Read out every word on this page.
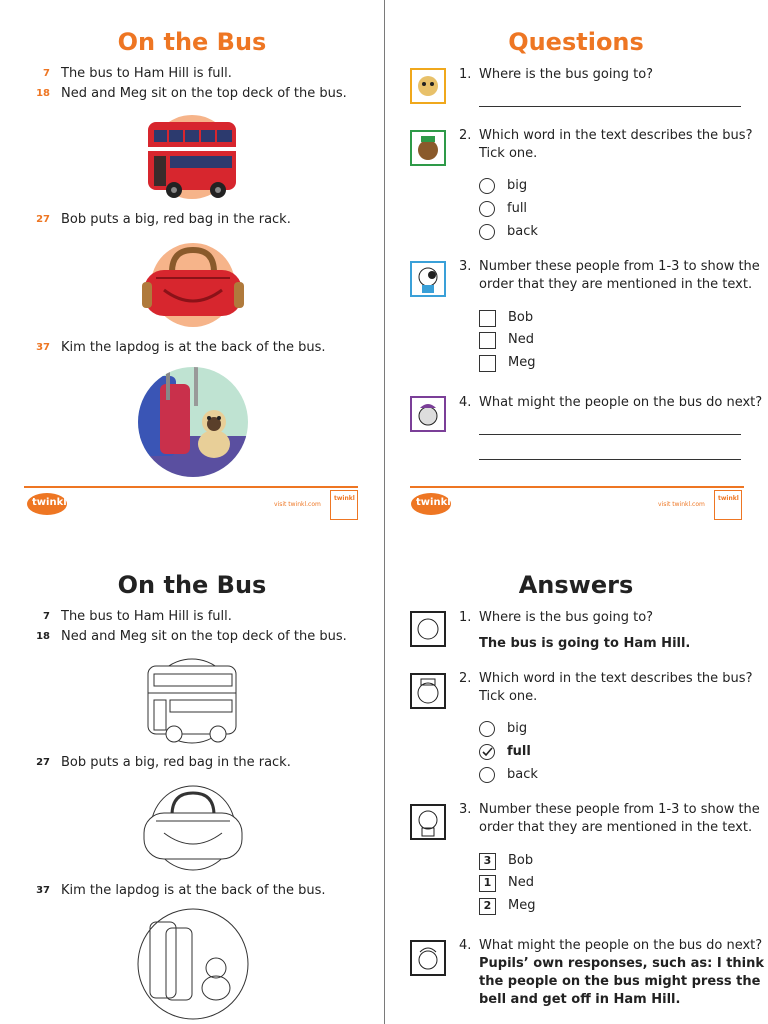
On the Bus
7 The bus to Ham Hill is full.
18 Ned and Meg sit on the top deck of the bus.
27 Bob puts a big, red bag in the rack.
37 Kim the lapdog is at the back of the bus.
twinkl	visit twinkl.com
twinkl
Questions
1. Where is the bus going to?
2. Which word in the text describes the bus?
Tick one.
big
full
back
3. Number these people from 1-3 to show the
order that they are mentioned in the text.
Bob
Ned
Meg
4. What might the people on the bus do next?
twinkl	visit twinkl.com
twinkl
On the Bus
7 The bus to Ham Hill is full.
18 Ned and Meg sit on the top deck of the bus.
27 Bob puts a big, red bag in the rack.
37 Kim the lapdog is at the back of the bus.
Answers
1. Where is the bus going to?
The bus is going to Ham Hill.
2. Which word in the text describes the bus?
Tick one.
big
full
back
3. Number these people from 1-3 to show the
order that they are mentioned in the text.
3	Bob
1	Ned
2	Meg
4. What might the people on the bus do next?
Pupils’ own responses, such as: I think
the people on the bus might press the
bell and get off in Ham Hill.
